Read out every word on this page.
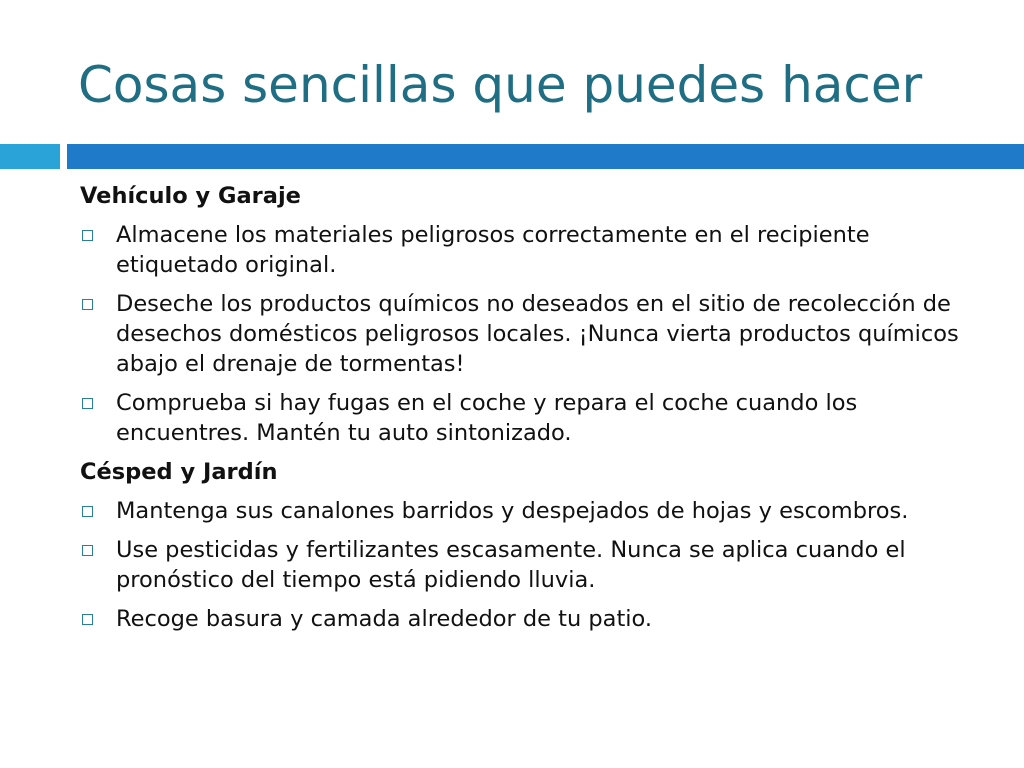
Cosas sencillas que puedes hacer
Vehículo y Garaje
Almacene los materiales peligrosos correctamente en el recipiente etiquetado original.
Deseche los productos químicos no deseados en el sitio de recolección de desechos domésticos peligrosos locales. ¡Nunca vierta productos químicos abajo el drenaje de tormentas!
Comprueba si hay fugas en el coche y repara el coche cuando los encuentres. Mantén tu auto sintonizado.
Césped y Jardín
Mantenga sus canalones barridos y despejados de hojas y escombros.
Use pesticidas y fertilizantes escasamente. Nunca se aplica cuando el pronóstico del tiempo está pidiendo lluvia.
Recoge basura y camada alrededor de tu patio.
